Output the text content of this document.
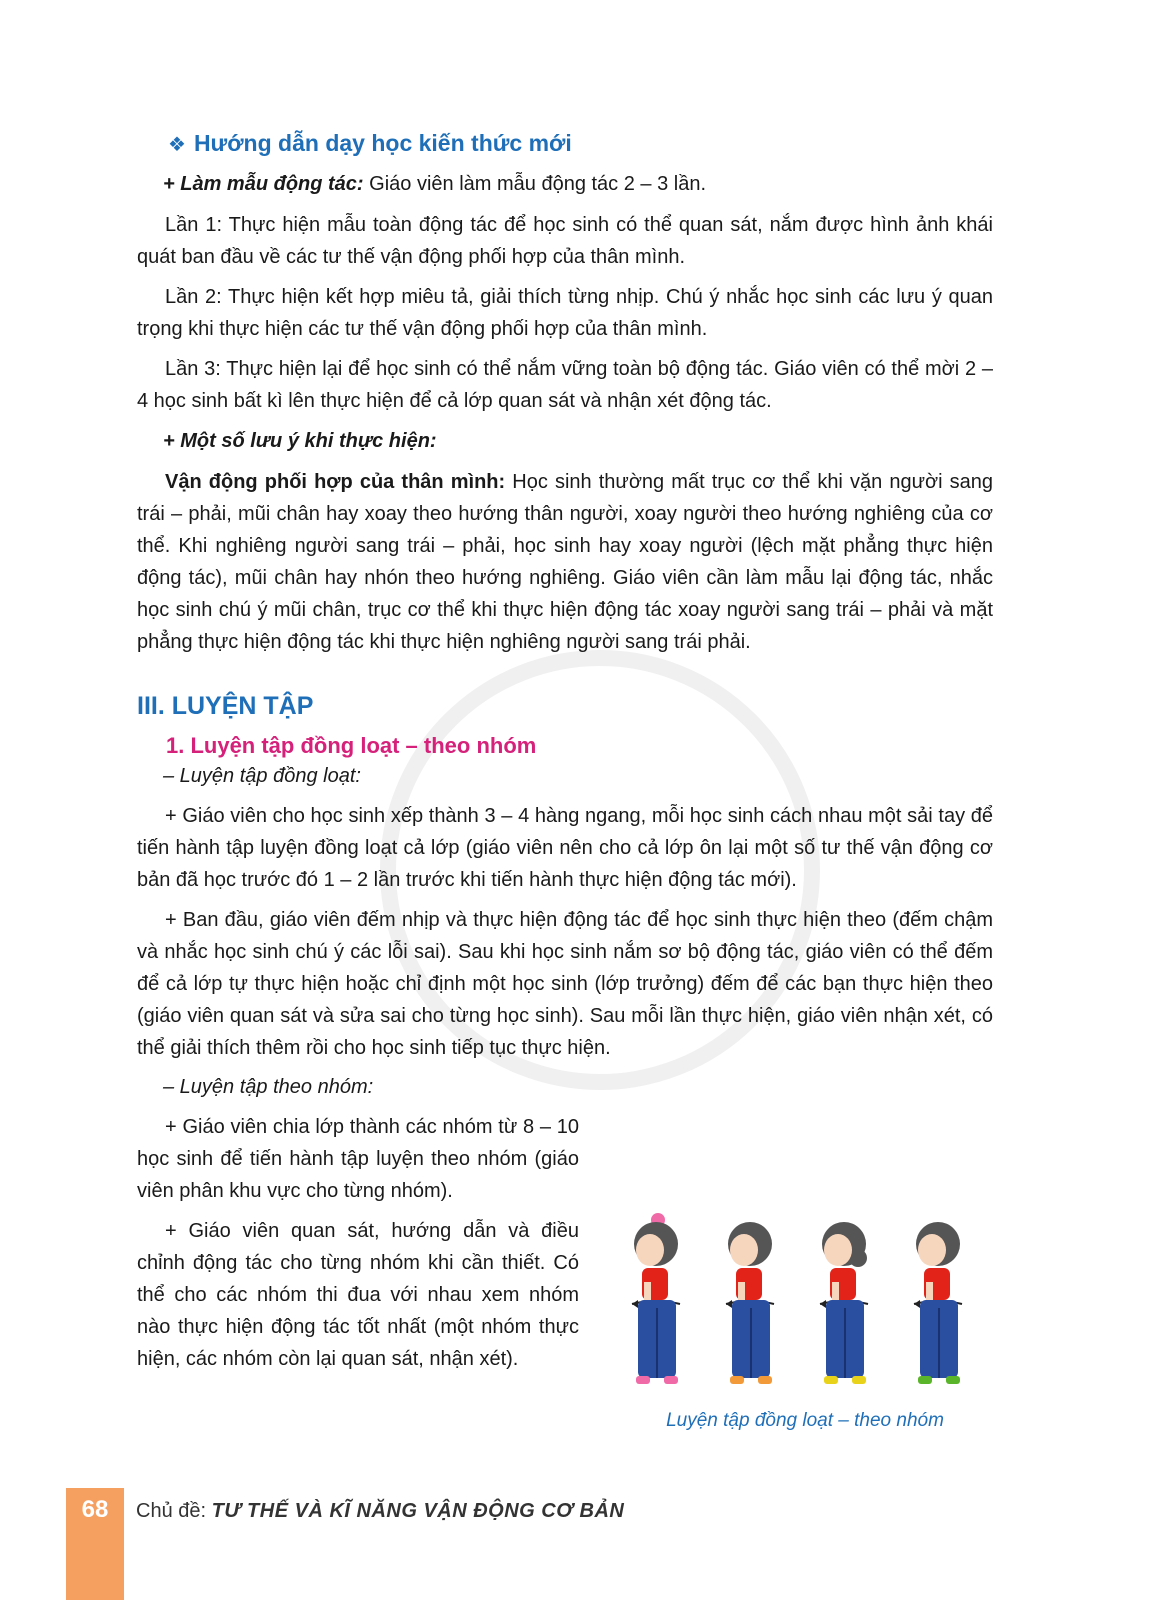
❖ Hướng dẫn dạy học kiến thức mới

+ Làm mẫu động tác: Giáo viên làm mẫu động tác 2 – 3 lần.

Lần 1: Thực hiện mẫu toàn động tác để học sinh có thể quan sát, nắm được hình ảnh khái quát ban đầu về các tư thế vận động phối hợp của thân mình.

Lần 2: Thực hiện kết hợp miêu tả, giải thích từng nhịp. Chú ý nhắc học sinh các lưu ý quan trọng khi thực hiện các tư thế vận động phối hợp của thân mình.

Lần 3: Thực hiện lại để học sinh có thể nắm vững toàn bộ động tác. Giáo viên có thể mời 2 – 4 học sinh bất kì lên thực hiện để cả lớp quan sát và nhận xét động tác.

+ Một số lưu ý khi thực hiện:

Vận động phối hợp của thân mình: Học sinh thường mất trục cơ thể khi vặn người sang trái – phải, mũi chân hay xoay theo hướng thân người, xoay người theo hướng nghiêng của cơ thể. Khi nghiêng người sang trái – phải, học sinh hay xoay người (lệch mặt phẳng thực hiện động tác), mũi chân hay nhón theo hướng nghiêng. Giáo viên cần làm mẫu lại động tác, nhắc học sinh chú ý mũi chân, trục cơ thể khi thực hiện động tác xoay người sang trái – phải và mặt phẳng thực hiện động tác khi thực hiện nghiêng người sang trái phải.

III. LUYỆN TẬP
1. Luyện tập đồng loạt – theo nhóm

– Luyện tập đồng loạt:

+ Giáo viên cho học sinh xếp thành 3 – 4 hàng ngang, mỗi học sinh cách nhau một sải tay để tiến hành tập luyện đồng loạt cả lớp (giáo viên nên cho cả lớp ôn lại một số tư thế vận động cơ bản đã học trước đó 1 – 2 lần trước khi tiến hành thực hiện động tác mới).

+ Ban đầu, giáo viên đếm nhịp và thực hiện động tác để học sinh thực hiện theo (đếm chậm và nhắc học sinh chú ý các lỗi sai). Sau khi học sinh nắm sơ bộ động tác, giáo viên có thể đếm để cả lớp tự thực hiện hoặc chỉ định một học sinh (lớp trưởng) đếm để các bạn thực hiện theo (giáo viên quan sát và sửa sai cho từng học sinh). Sau mỗi lần thực hiện, giáo viên nhận xét, có thể giải thích thêm rồi cho học sinh tiếp tục thực hiện.

– Luyện tập theo nhóm:

+ Giáo viên chia lớp thành các nhóm từ 8 – 10 học sinh để tiến hành tập luyện theo nhóm (giáo viên phân khu vực cho từng nhóm).

+ Giáo viên quan sát, hướng dẫn và điều chỉnh động tác cho từng nhóm khi cần thiết. Có thể cho các nhóm thi đua với nhau xem nhóm nào thực hiện động tác tốt nhất (một nhóm thực hiện, các nhóm còn lại quan sát, nhận xét).

Luyện tập đồng loạt – theo nhóm
68	Chủ đề: TƯ THẾ VÀ KĨ NĂNG VẬN ĐỘNG CƠ BẢN
